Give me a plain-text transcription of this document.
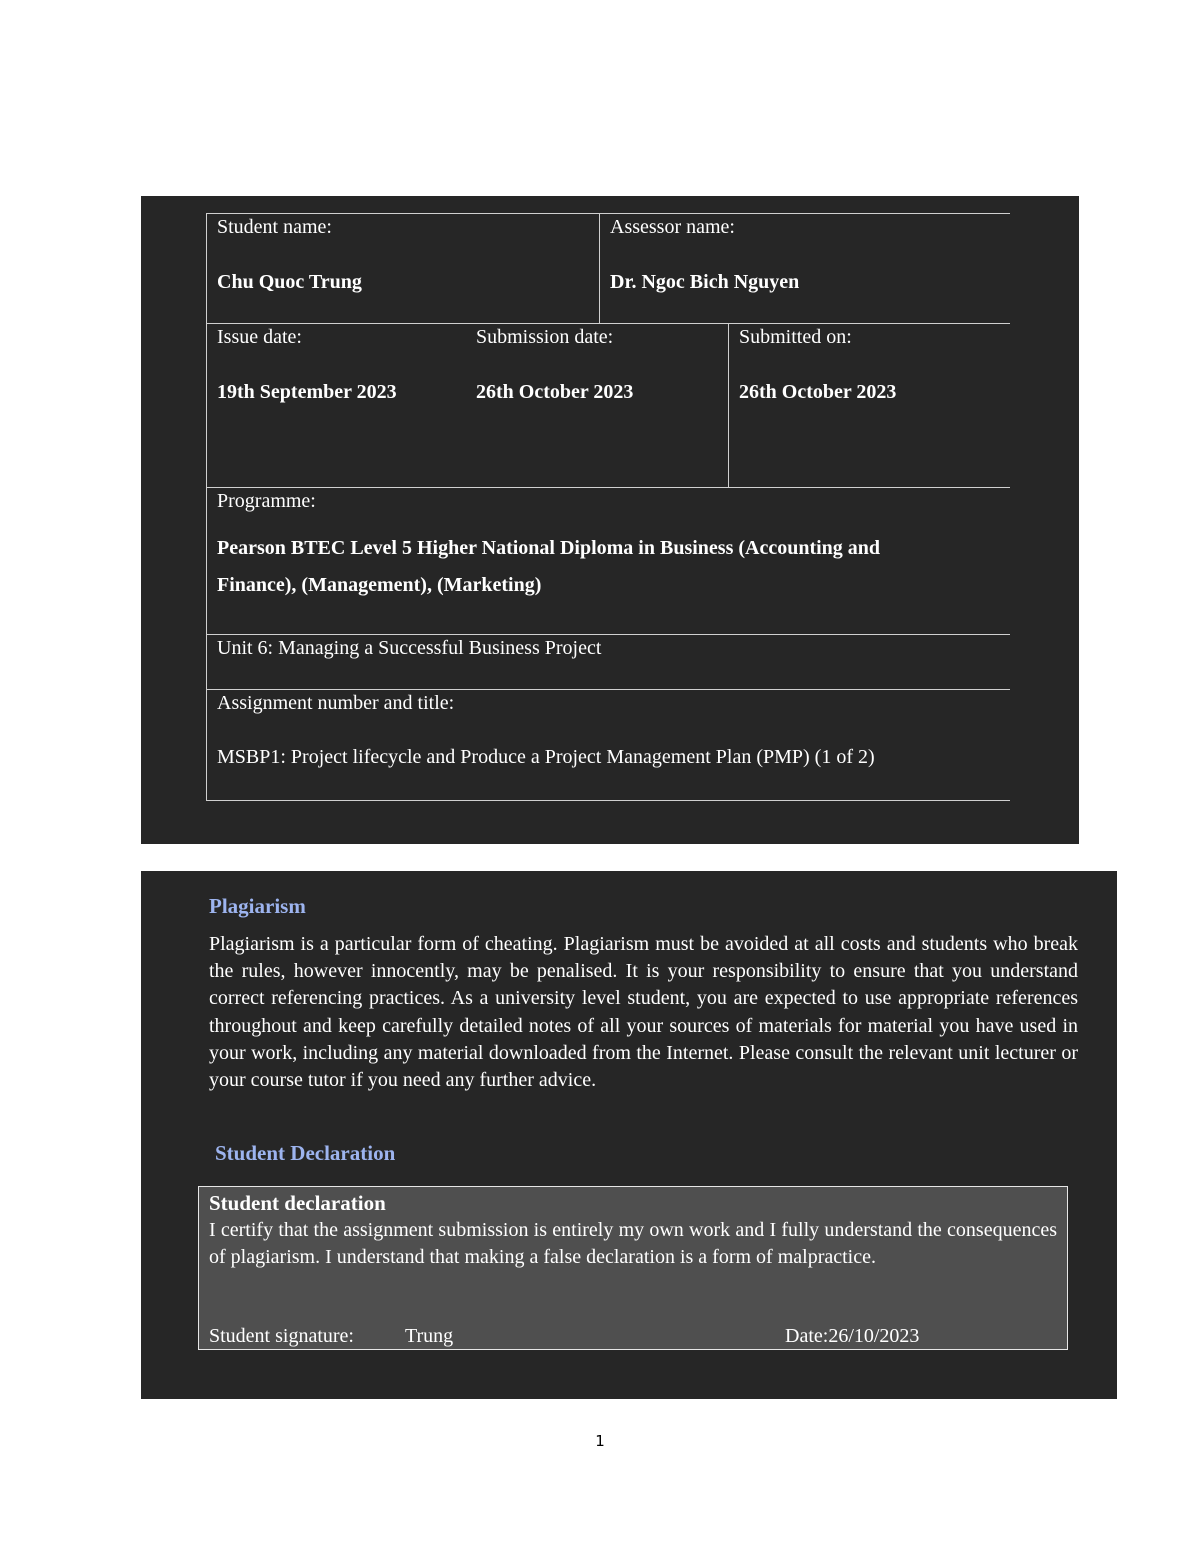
Student name:
Chu Quoc Trung
Assessor name:
Dr. Ngoc Bich Nguyen
Issue date:
19th September 2023
Submission date:
26th October 2023
Submitted on:
26th October 2023
Programme:
Pearson BTEC Level 5 Higher National Diploma in Business (Accounting and
Finance), (Management), (Marketing)
Unit 6: Managing a Successful Business Project
Assignment number and title:
MSBP1: Project lifecycle and Produce a Project Management Plan (PMP) (1 of 2)
Plagiarism
Plagiarism is a particular form of cheating. Plagiarism must be avoided at all costs and students who break the rules, however innocently, may be penalised. It is your responsibility to ensure that you understand correct referencing practices. As a university level student, you are expected to use appropriate references throughout and keep carefully detailed notes of all your sources of materials for material you have used in your work, including any material downloaded from the Internet. Please consult the relevant unit lecturer or your course tutor if you need any further advice.
Student Declaration
Student declaration
I certify that the assignment submission is entirely my own work and I fully understand the consequences of plagiarism. I understand that making a false declaration is a form of malpractice.
Student signature:	Trung	Date:26/10/2023
1
